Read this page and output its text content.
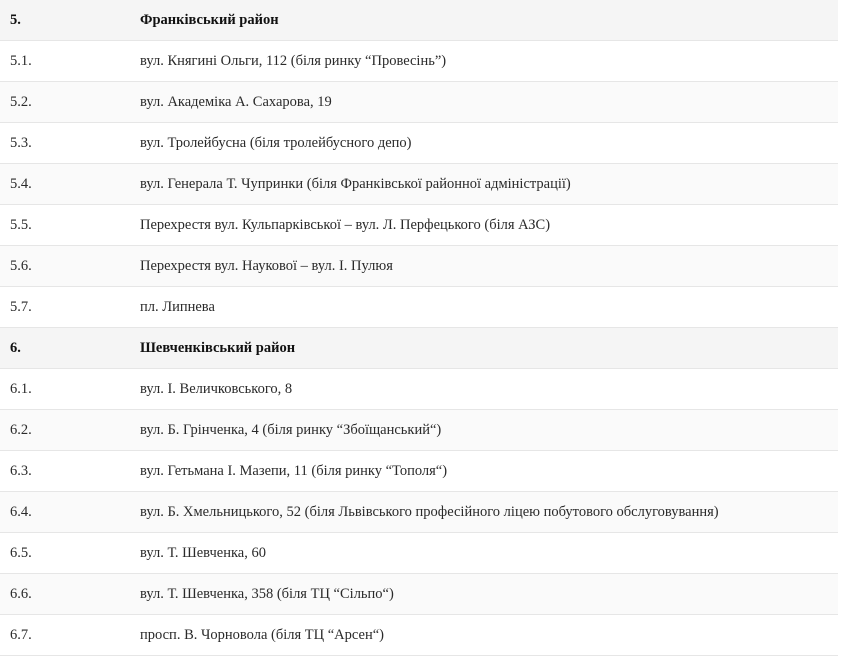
5.	Франківський район
5.1.	вул. Княгині Ольги, 112 (біля ринку “Провесінь”)
5.2.	вул. Академіка А. Сахарова, 19
5.3.	вул. Тролейбусна (біля тролейбусного депо)
5.4.	вул. Генерала Т. Чупринки (біля Франківської районної адміністрації)
5.5.	Перехрестя вул. Кульпарківської – вул. Л. Перфецького (біля АЗС)
5.6.	Перехрестя вул. Наукової – вул. І. Пулюя
5.7.	пл. Липнева
6.	Шевченківський район
6.1.	вул. І. Величковського, 8
6.2.	вул. Б. Грінченка, 4 (біля ринку “Збоїщанський“)
6.3.	вул. Гетьмана І. Мазепи, 11 (біля ринку “Тополя“)
6.4.	вул. Б. Хмельницького, 52 (біля Львівського професійного ліцею побутового обслуговування)
6.5.	вул. Т. Шевченка, 60
6.6.	вул. Т. Шевченка, 358 (біля ТЦ “Сільпо“)
6.7.	просп. В. Чорновола (біля ТЦ “Арсен“)
